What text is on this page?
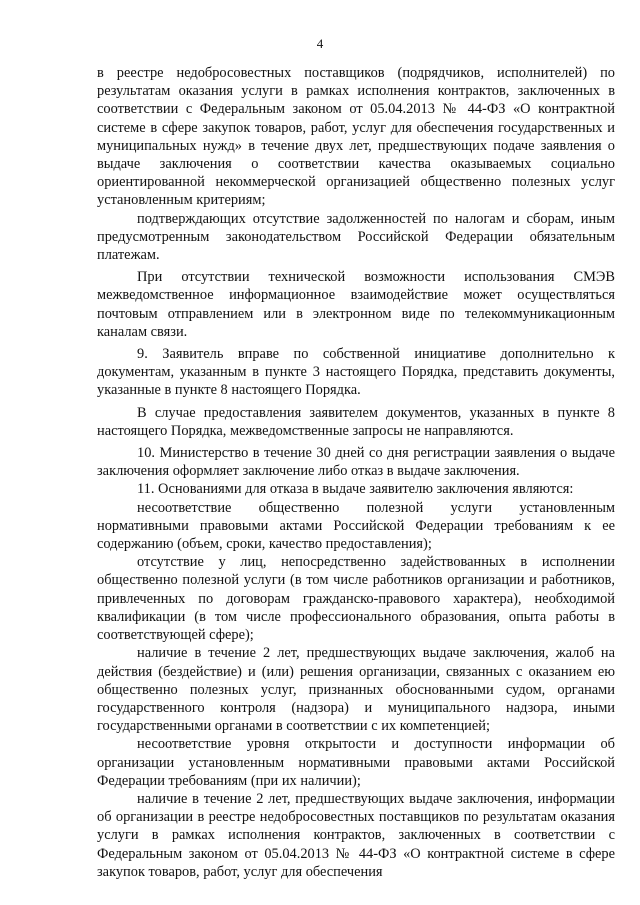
4

в реестре недобросовестных поставщиков (подрядчиков, исполнителей) по результатам оказания услуги в рамках исполнения контрактов, заключенных в соответствии с Федеральным законом от 05.04.2013 № 44-ФЗ «О контрактной системе в сфере закупок товаров, работ, услуг для обеспечения государственных и муниципальных нужд» в течение двух лет, предшествующих подаче заявления о выдаче заключения о соответствии качества оказываемых социально ориентированной некоммерческой организацией общественно полезных услуг установленным критериям;

подтверждающих отсутствие задолженностей по налогам и сборам, иным предусмотренным законодательством Российской Федерации обязательным платежам.

При отсутствии технической возможности использования СМЭВ межведомственное информационное взаимодействие может осуществляться почтовым отправлением или в электронном виде по телекоммуникационным каналам связи.

9. Заявитель вправе по собственной инициативе дополнительно к документам, указанным в пункте 3 настоящего Порядка, представить документы, указанные в пункте 8 настоящего Порядка.

В случае предоставления заявителем документов, указанных в пункте 8 настоящего Порядка, межведомственные запросы не направляются.

10. Министерство в течение 30 дней со дня регистрации заявления о выдаче заключения оформляет заключение либо отказ в выдаче заключения.

11. Основаниями для отказа в выдаче заявителю заключения являются:

несоответствие общественно полезной услуги установленным нормативными правовыми актами Российской Федерации требованиям к ее содержанию (объем, сроки, качество предоставления);

отсутствие у лиц, непосредственно задействованных в исполнении общественно полезной услуги (в том числе работников организации и работников, привлеченных по договорам гражданско-правового характера), необходимой квалификации (в том числе профессионального образования, опыта работы в соответствующей сфере);

наличие в течение 2 лет, предшествующих выдаче заключения, жалоб на действия (бездействие) и (или) решения организации, связанных с оказанием ею общественно полезных услуг, признанных обоснованными судом, органами государственного контроля (надзора) и муниципального надзора, иными государственными органами в соответствии с их компетенцией;

несоответствие уровня открытости и доступности информации об организации установленным нормативными правовыми актами Российской Федерации требованиям (при их наличии);

наличие в течение 2 лет, предшествующих выдаче заключения, информации об организации в реестре недобросовестных поставщиков по результатам оказания услуги в рамках исполнения контрактов, заключенных в соответствии с Федеральным законом от 05.04.2013 № 44-ФЗ «О контрактной системе в сфере закупок товаров, работ, услуг для обеспечения
